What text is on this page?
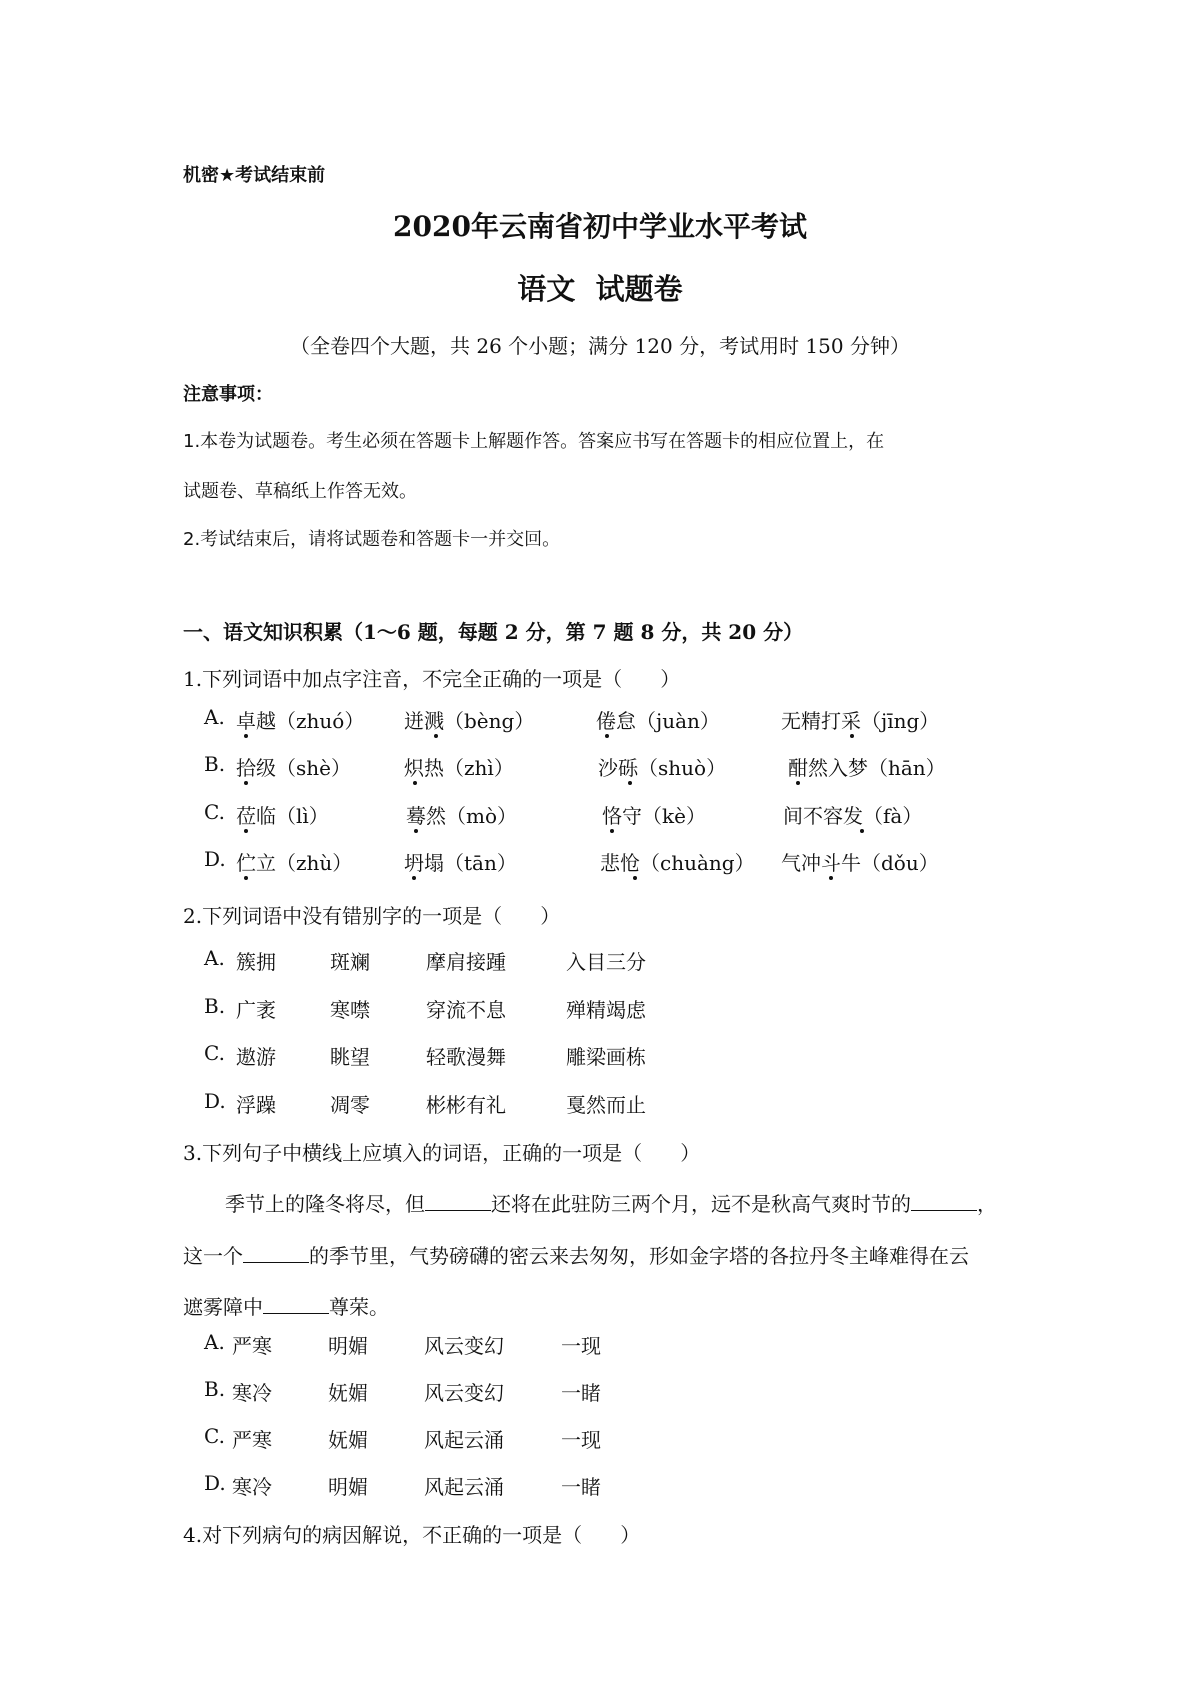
机密★考试结束前
2020年云南省初中学业水平考试
语文  试题卷
（全卷四个大题，共 26 个小题；满分 120 分，考试用时 150 分钟）
注意事项：
1.本卷为试题卷。考生必须在答题卡上解题作答。答案应书写在答题卡的相应位置上，在
试题卷、草稿纸上作答无效。
2.考试结束后，请将试题卷和答题卡一并交回。
一、语文知识积累（1～6 题，每题 2 分，第 7 题 8 分，共 20 分）
1.下列词语中加点字注音，不完全正确的一项是（      ）
A. 卓越（zhuó） 迸溅（bèng）	倦怠（juàn）	无精打采（jīng）
B. 拾级（shè）	炽热（zhì）	沙砾（shuò）	酣然入梦（hān）
C. 莅临（lì）	蓦然（mò）	恪守（kè）	间不容发（fà）
D. 伫立（zhù）	坍塌（tān）	悲怆（chuàng） 气冲斗牛（dǒu）
2.下列词语中没有错别字的一项是（      ）
A. 簇拥	斑斓	摩肩接踵	入目三分
B. 广袤	寒噤	穿流不息	殚精竭虑
C. 遨游	眺望	轻歌漫舞	雕梁画栋
D. 浮躁	凋零	彬彬有礼	戛然而止
3.下列句子中横线上应填入的词语，正确的一项是（      ）
季节上的隆冬将尽，但	还将在此驻防三两个月，远不是秋高气爽时节的	，
这一个	的季节里，气势磅礴的密云来去匆匆，形如金字塔的各拉丹冬主峰难得在云
遮雾障中	尊荣。
A. 严寒	明媚	风云变幻	一现
B. 寒冷	妩媚	风云变幻	一睹
C. 严寒	妩媚	风起云涌	一现
D. 寒冷	明媚	风起云涌	一睹
4.对下列病句的病因解说，不正确的一项是（      ）
